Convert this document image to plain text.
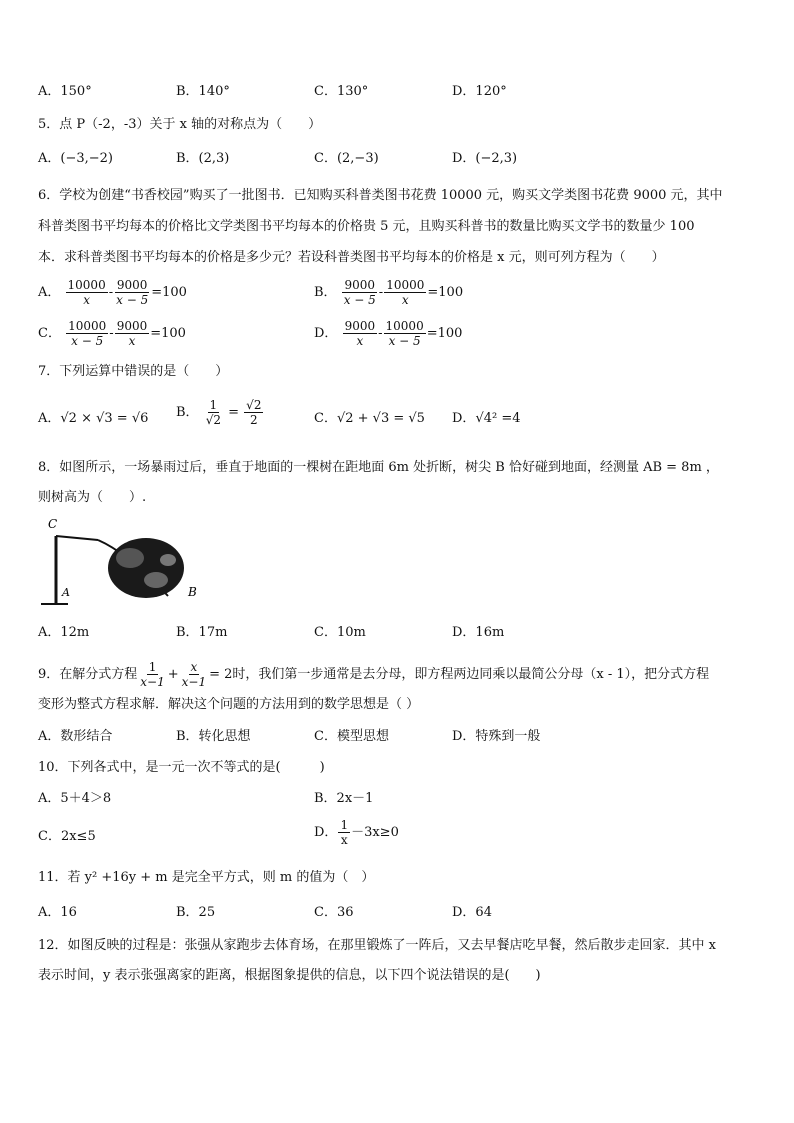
A．150°	B．140°	C．130°	D．120°
5．点 P（-2，-3）关于 x 轴的对称点为（　　）
A．(−3,−2)	B．(2,3)	C．(2,−3)	D．(−2,3)
6．学校为创建“书香校园”购买了一批图书．已知购买科普类图书花费 10000 元，购买文学类图书花费 9000 元，其中
科普类图书平均每本的价格比文学类图书平均每本的价格贵 5 元，且购买科普书的数量比购买文学书的数量少 100
本．求科普类图书平均每本的价格是多少元？若设科普类图书平均每本的价格是 x 元，则可列方程为（　　）
A． $\frac{10000}{x} - \frac{9000}{x - 5} =100$	B． $\frac{9000}{x - 5} - \frac{10000}{x} =100$
C． $\frac{10000}{x - 5} - \frac{9000}{x} =100$	D． $\frac{9000}{x} - \frac{10000}{x - 5} =100$
7．下列运算中错误的是（　　）
A．√2 × √3 = √6 B． $\frac{1}{√2} = \frac{√2}{2}$	C．√2 + √3 = √5 D．√4² =4
8．如图所示，一场暴雨过后，垂直于地面的一棵树在距地面 6m 处折断，树尖 B 恰好碰到地面，经测量 AB = 8m ，
则树高为（　　）.
C
A	B
A．12m	B．17m	C．10m	D．16m
9．在解分式方程 $\frac{1}{x-1} + \frac{x}{x-1} = 2$时，我们第一步通常是去分母，即方程两边同乘以最简公分母（x - 1），把分式方程
变形为整式方程求解．解决这个问题的方法用到的数学思想是（ ）
A．数形结合	B．转化思想	C．模型思想	D．特殊到一般
10．下列各式中，是一元一次不等式的是(　　　)
A．5＋4＞8	B．2x－1
C．2x≤5	D． $\frac{1}{x} -3x\ge 0$
11．若 y² +16y + m 是完全平方式，则 m 的值为（　）
A．16	B．25	C．36	D．64
12．如图反映的过程是：张强从家跑步去体育场，在那里锻炼了一阵后，又去早餐店吃早餐，然后散步走回家．其中 x
表示时间，y 表示张强离家的距离，根据图象提供的信息，以下四个说法错误的是(　　)
